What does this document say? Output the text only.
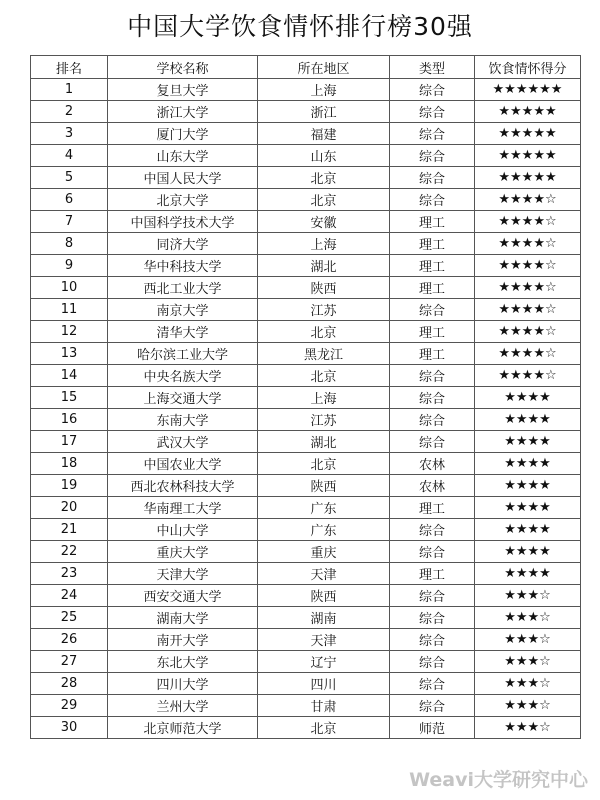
中国大学饮食情怀排行榜30强
排名	学校名称	所在地区	类型	饮食情怀得分
1	复旦大学	上海	综合	★★★★★★
2	浙江大学	浙江	综合	★★★★★
3	厦门大学	福建	综合	★★★★★
4	山东大学	山东	综合	★★★★★
5	中国人民大学	北京	综合	★★★★★
6	北京大学	北京	综合	★★★★☆
7	中国科学技术大学	安徽	理工	★★★★☆
8	同济大学	上海	理工	★★★★☆
9	华中科技大学	湖北	理工	★★★★☆
10	西北工业大学	陕西	理工	★★★★☆
11	南京大学	江苏	综合	★★★★☆
12	清华大学	北京	理工	★★★★☆
13	哈尔滨工业大学	黑龙江	理工	★★★★☆
14	中央名族大学	北京	综合	★★★★☆
15	上海交通大学	上海	综合	★★★★
16	东南大学	江苏	综合	★★★★
17	武汉大学	湖北	综合	★★★★
18	中国农业大学	北京	农林	★★★★
19	西北农林科技大学	陕西	农林	★★★★
20	华南理工大学	广东	理工	★★★★
21	中山大学	广东	综合	★★★★
22	重庆大学	重庆	综合	★★★★
23	天津大学	天津	理工	★★★★
24	西安交通大学	陕西	综合	★★★☆
25	湖南大学	湖南	综合	★★★☆
26	南开大学	天津	综合	★★★☆
27	东北大学	辽宁	综合	★★★☆
28	四川大学	四川	综合	★★★☆
29	兰州大学	甘肃	综合	★★★☆
30	北京师范大学	北京	师范	★★★☆
Weavi大学研究中心
